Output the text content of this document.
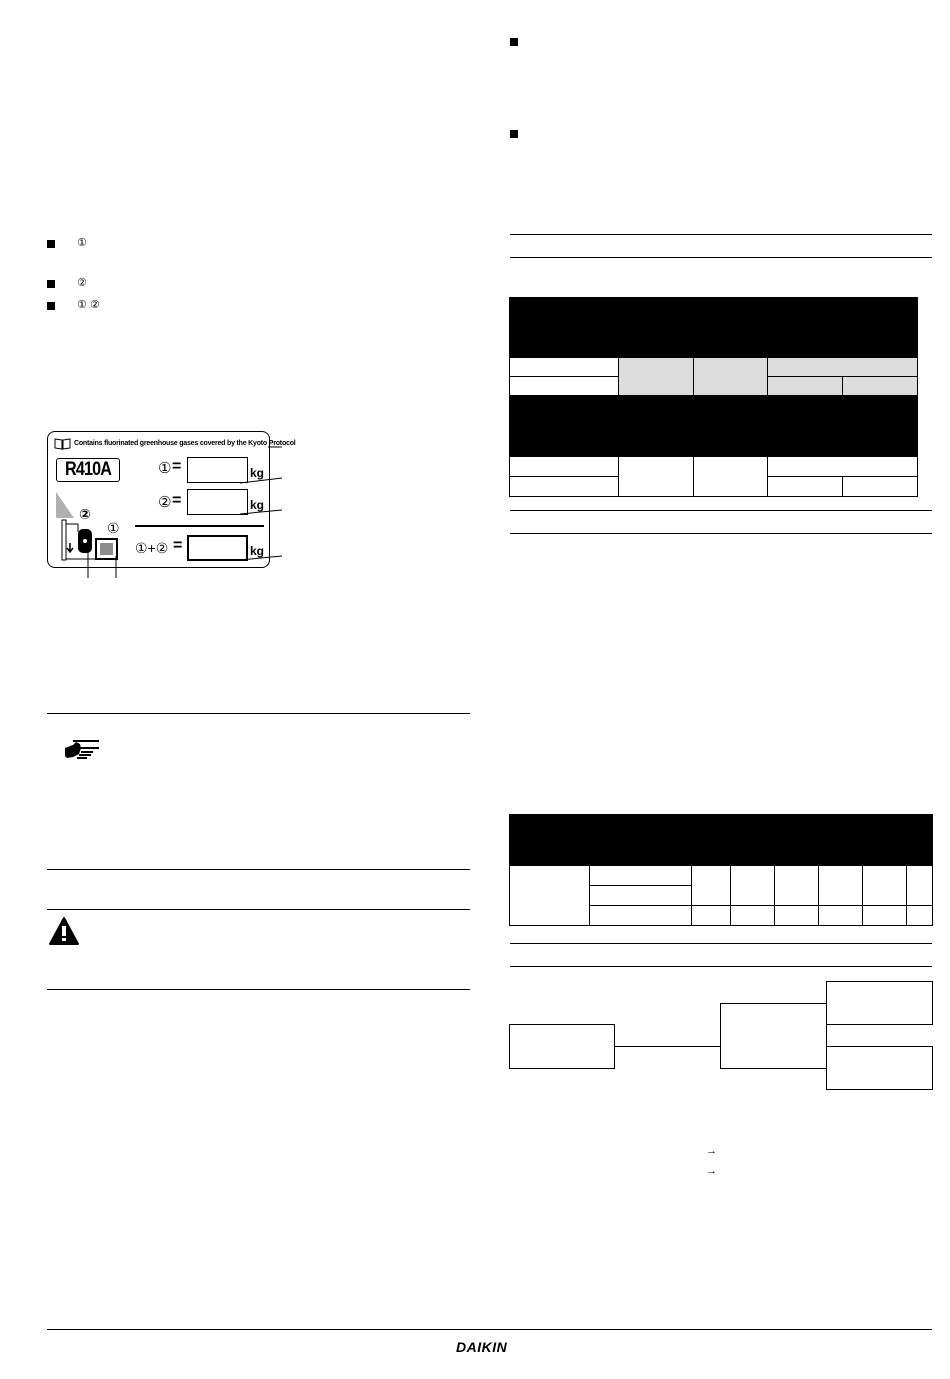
①
②
① ②
Contains fluorinated greenhouse gases covered by the Kyoto Protocol
R410A	① =	kg
② =	kg
①+② =	kg
②
①
→
→
DAIKIN
